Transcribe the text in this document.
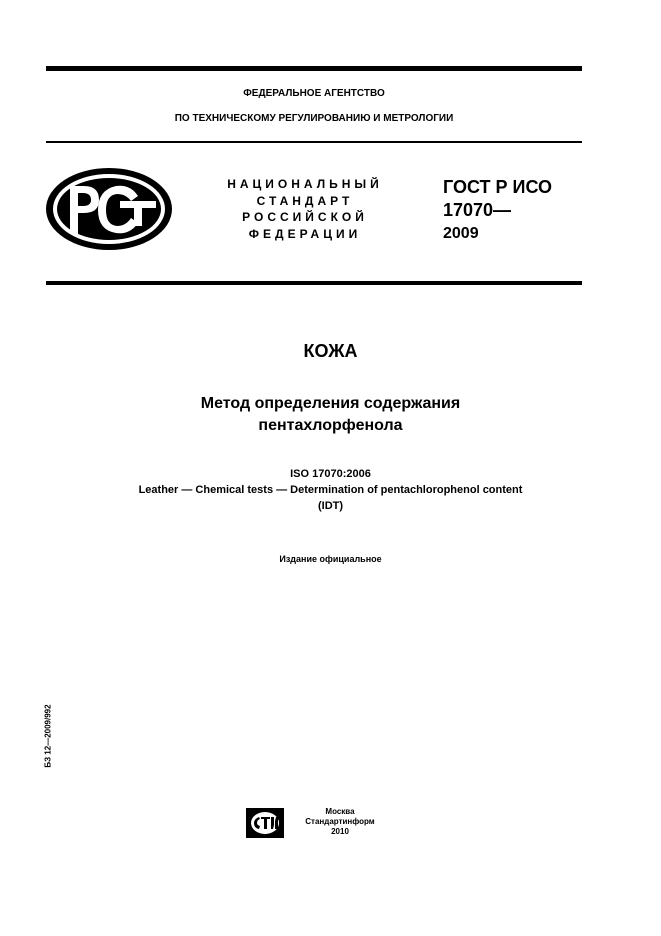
ФЕДЕРАЛЬНОЕ АГЕНТСТВО
ПО ТЕХНИЧЕСКОМУ РЕГУЛИРОВАНИЮ И МЕТРОЛОГИИ
НАЦИОНАЛЬНЫЙ
СТАНДАРТ
РОССИЙСКОЙ
ФЕДЕРАЦИИ
ГОСТ Р ИСО
17070—
2009
КОЖА
Метод определения содержания
пентахлорфенола
ISO 17070:2006
Leather — Chemical tests — Determination of pentachlorophenol content
(IDT)
Издание официальное
БЗ 12—2009/992
Москва
Стандартинформ
2010
